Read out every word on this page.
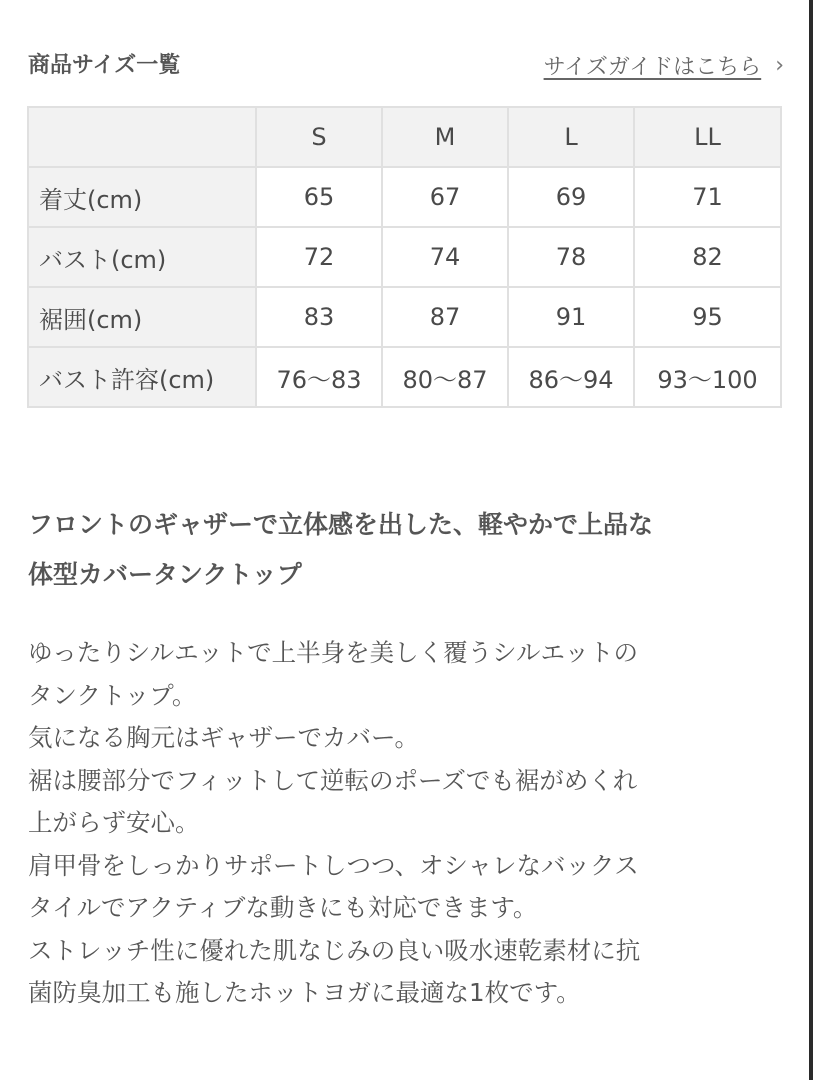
商品サイズ一覧	サイズガイドはこちら ›
	S	M	L	LL
着丈(cm)	65	67	69	71
バスト(cm)	72	74	78	82
裾囲(cm)	83	87	91	95
バスト許容(cm)	76〜83	80〜87	86〜94	93〜100
フロントのギャザーで立体感を出した、軽やかで上品な
体型カバータンクトップ
ゆったりシルエットで上半身を美しく覆うシルエットの
タンクトップ。
気になる胸元はギャザーでカバー。
裾は腰部分でフィットして逆転のポーズでも裾がめくれ
上がらず安心。
肩甲骨をしっかりサポートしつつ、オシャレなバックス
タイルでアクティブな動きにも対応できます。
ストレッチ性に優れた肌なじみの良い吸水速乾素材に抗
菌防臭加工も施したホットヨガに最適な1枚です。
